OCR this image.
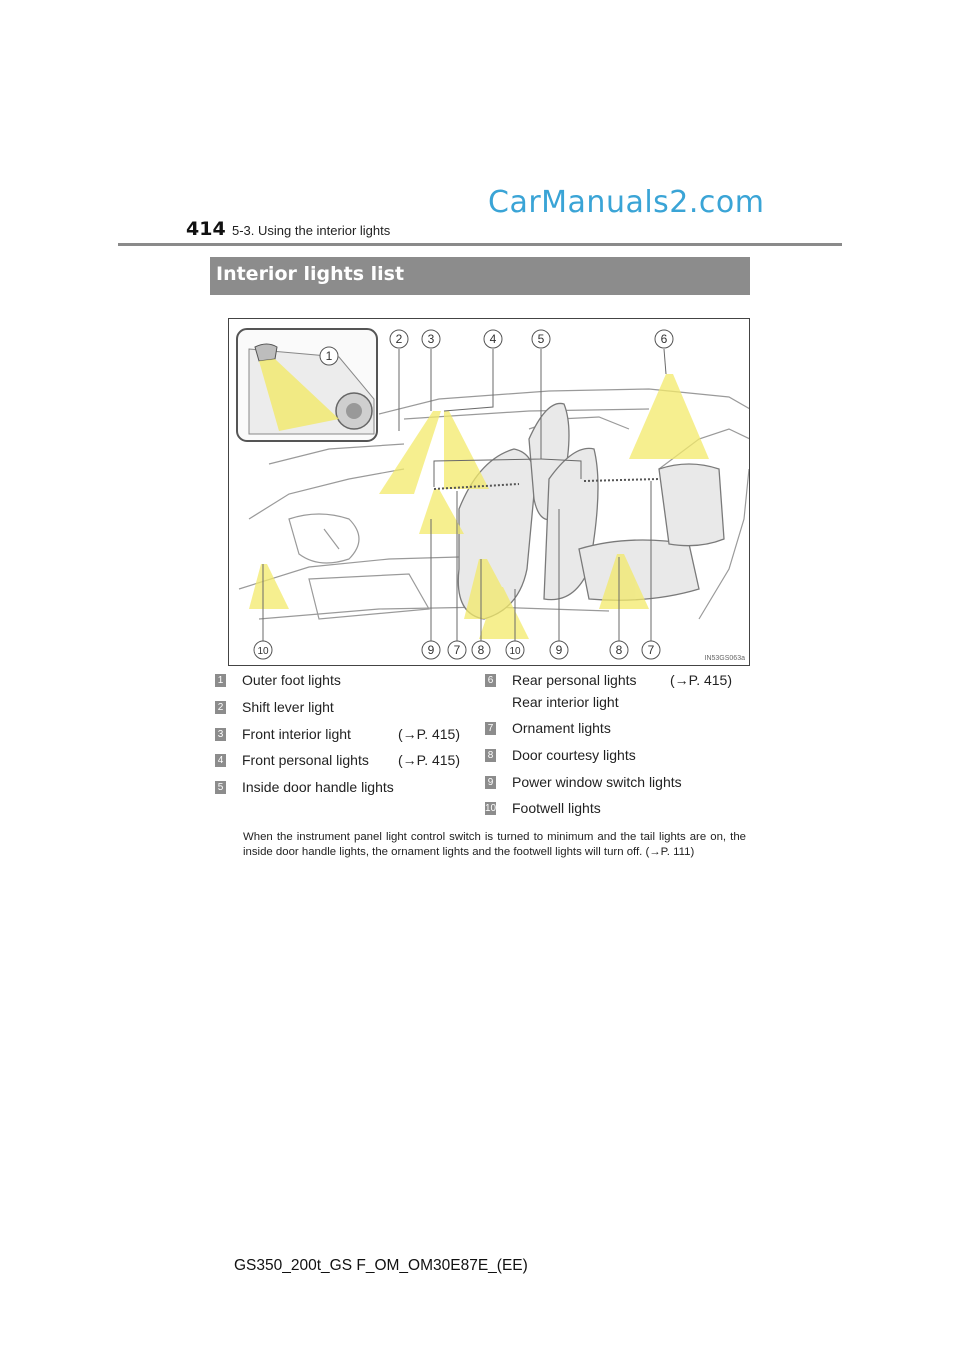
414 5-3. Using the interior lights
CarManuals2.com
Interior lights list
1
2 3	4	5	6
10	9 7 8	10	9	8 7
IN53GS063a
1 Outer foot lights
2 Shift lever light
3 Front interior light	(→P. 415)
4 Front personal lights (→P. 415)
5 Inside door handle lights
6 Rear personal lights (→P. 415)
Rear interior light
7 Ornament lights
8 Door courtesy lights
9 Power window switch lights
10 Footwell lights
When the instrument panel light control switch is turned to minimum and the tail lights are on, the inside door handle lights, the ornament lights and the footwell lights will turn off. (→P. 111)
GS350_200t_GS F_OM_OM30E87E_(EE)
